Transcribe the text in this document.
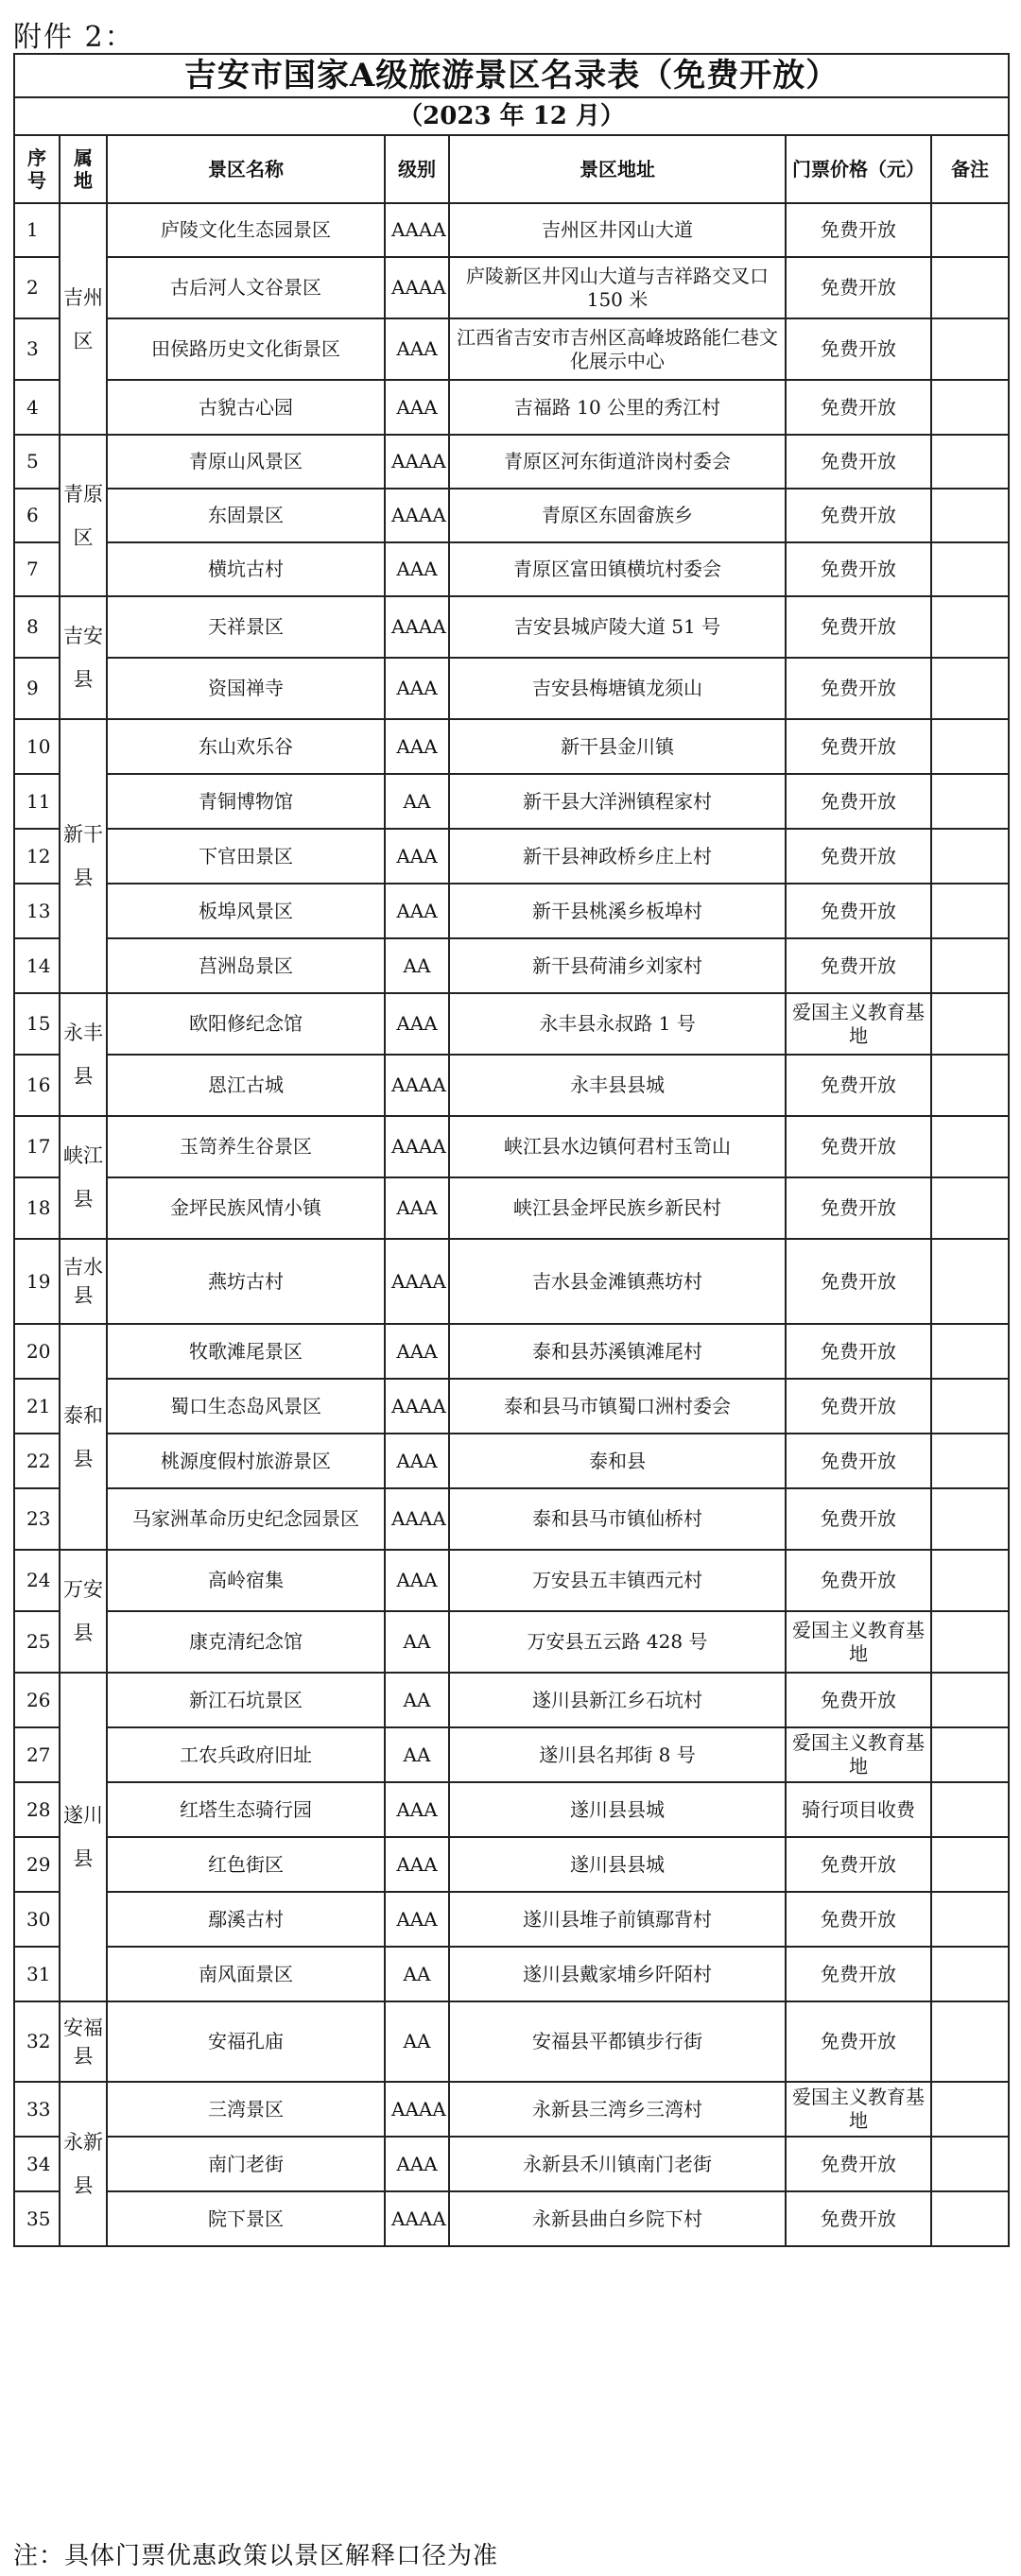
附件 2：
吉安市国家A级旅游景区名录表（免费开放）						
（2023 年 12 月）						
序号	属地	景区名称	级别	景区地址	门票价格（元）	备注
1	吉州区	庐陵文化生态园景区	AAAA	吉州区井冈山大道	免费开放	
2		古后河人文谷景区	AAAA	庐陵新区井冈山大道与吉祥路交叉口 150 米	免费开放	
3		田侯路历史文化街景区	AAA	江西省吉安市吉州区高峰坡路能仁巷文化展示中心	免费开放	
4		古貌古心园	AAA	吉福路 10 公里的秀江村	免费开放	
5	青原区	青原山风景区	AAAA	青原区河东街道浒岗村委会	免费开放	
6		东固景区	AAAA	青原区东固畲族乡	免费开放	
7		横坑古村	AAA	青原区富田镇横坑村委会	免费开放	
8	吉安县	天祥景区	AAAA	吉安县城庐陵大道 51 号	免费开放	
9		资国禅寺	AAA	吉安县梅塘镇龙须山	免费开放	
10	新干县	东山欢乐谷	AAA	新干县金川镇	免费开放	
11		青铜博物馆	AA	新干县大洋洲镇程家村	免费开放	
12		下官田景区	AAA	新干县神政桥乡庄上村	免费开放	
13		板埠风景区	AAA	新干县桃溪乡板埠村	免费开放	
14		莒洲岛景区	AA	新干县荷浦乡刘家村	免费开放	
15	永丰县	欧阳修纪念馆	AAA	永丰县永叔路 1 号	爱国主义教育基地	
16		恩江古城	AAAA	永丰县县城	免费开放	
17	峡江县	玉笥养生谷景区	AAAA	峡江县水边镇何君村玉笥山	免费开放	
18		金坪民族风情小镇	AAA	峡江县金坪民族乡新民村	免费开放	
19	吉水县	燕坊古村	AAAA	吉水县金滩镇燕坊村	免费开放	
20	泰和县	牧歌滩尾景区	AAA	泰和县苏溪镇滩尾村	免费开放	
21		蜀口生态岛风景区	AAAA	泰和县马市镇蜀口洲村委会	免费开放	
22		桃源度假村旅游景区	AAA	泰和县	免费开放	
23		马家洲革命历史纪念园景区	AAAA	泰和县马市镇仙桥村	免费开放	
24	万安县	高岭宿集	AAA	万安县五丰镇西元村	免费开放	
25		康克清纪念馆	AA	万安县五云路 428 号	爱国主义教育基地	
26	遂川县	新江石坑景区	AA	遂川县新江乡石坑村	免费开放	
27		工农兵政府旧址	AA	遂川县名邦街 8 号	爱国主义教育基地	
28		红塔生态骑行园	AAA	遂川县县城	骑行项目收费	
29		红色街区	AAA	遂川县县城	免费开放	
30		鄢溪古村	AAA	遂川县堆子前镇鄢背村	免费开放	
31		南风面景区	AA	遂川县戴家埔乡阡陌村	免费开放	
32	安福县	安福孔庙	AA	安福县平都镇步行街	免费开放	
33	永新县	三湾景区	AAAA	永新县三湾乡三湾村	爱国主义教育基地	
34		南门老街	AAA	永新县禾川镇南门老街	免费开放	
35		院下景区	AAAA	永新县曲白乡院下村	免费开放	
注：具体门票优惠政策以景区解释口径为准
